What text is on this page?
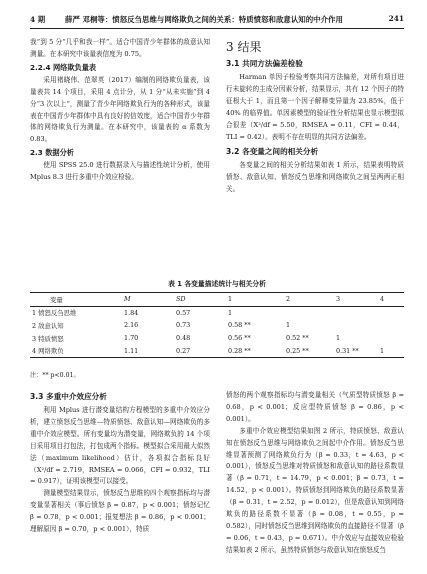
4 期	薛严 邓桐等：愤怒反刍思维与网络欺负之间的关系：特质愤怒和敌意认知的中介作用	241

我”到 5 分“几乎和我一样”。适合中国青少年群体的敌意认知测量。在本研究中该量表信度为 0.75。

2.2.4 网络欺负量表

采用褚晓伟、范翠英（2017）编制的网络欺负量表，该量表共 14 个项目，采用 4 点计分，从 1 分“从未实施”到 4 分“3 次以上”，测量了青少年网络欺负行为的各种形式，该量表在中国青少年群体中具有良好的信效度，适合中国青少年群体的网络欺负行为测量。在本研究中，该量表的 α 系数为 0.83。

2.3 数据分析

使用 SPSS 25.0 进行数据录入与描述性统计分析，使用 Mplus 8.3 进行多重中介效应检验。

3 结果
3.1 共同方法偏差检验

Harman 单因子检验考察共同方法偏差，对所有项目进行未旋转的主成分因素分析，结果显示，共有 12 个因子的特征根大于 1，而且第一个因子解释变异量为 23.85%，低于 40% 的临界值。单因素模型的验证性分析结果也显示模型拟合很差（X²/df = 5.50，RMSEA = 0.11，CFI = 0.44，TLI = 0.42）。表明不存在明显的共同方法偏差。

3.2 各变量之间的相关分析

各变量之间的相关分析结果如表 1 所示，结果表明特质愤怒、敌意认知、愤怒反刍思维和网络欺负之间呈两两正相关。

表 1 各变量描述统计与相关分析
变量	M	SD	1	2	3	4
1 愤怒反刍思维	1.84	0.57	1			
2 敌意认知	2.16	0.73	0.58 **	1		
3 特质愤怒	1.70	0.48	0.56 **	0.52 **	1	
4 网络欺负	1.11	0.27	0.28 **	0.25 **	0.31 **	1
注：** p<0.01。
3.3 多重中介效应分析

利用 Mplus 进行潜变量结构方程模型的多重中介效应分析，建立愤怒反刍思维—特质愤怒、敌意认知—网络欺负的多重中介效应模型。所有变量均为潜变量，网络欺负的 14 个项目采用项目打包法，打包成两个指标。模型拟合采用最大似然法（maximum likelihood）估计，各项拟合指标良好（X²/df = 2.719，RMSEA = 0.066，CFI = 0.932，TLI = 0.917），证明该模型可以接受。

测量模型结果显示，愤怒反刍思维的四个观察指标均与潜变量显著相关（事后愤怒 β = 0.87，p < 0.001；愤怒记忆 β = 0.78，p < 0.001；报复想法 β = 0.86，p < 0.001；理解原因 β = 0.70，p < 0.001），特质

愤怒的两个观察指标均与潜变量相关（气质型特质愤怒 β = 0.68，p < 0.001；反应型特质愤怒 β = 0.86，p < 0.001）。

多重中介效应模型结果如图 2 所示，特质愤怒、敌意认知在愤怒反刍思维与网络欺负之间起中介作用。愤怒反刍思维显著预测了网络欺负行为（β = 0.33，t = 4.63，p < 0.001），愤怒反刍思维对特质愤怒和敌意认知的路径系数显著（β = 0.71，t = 14.79，p < 0.001；β = 0.73，t = 14.52，p < 0.001）。特质愤怒到网络欺负的路径系数显著（β = 0.31，t = 2.52，p = 0.012），但是敌意认知到网络欺负的路径系数不显著（β = 0.08，t = 0.55，p = 0.582），同时愤怒反刍思维到网络欺负的直接路径不显著（β = 0.06，t = 0.43，p = 0.671）。中介效应与直接效应检验结果如表 2 所示，虽然特质愤怒与敌意认知在愤怒反刍
